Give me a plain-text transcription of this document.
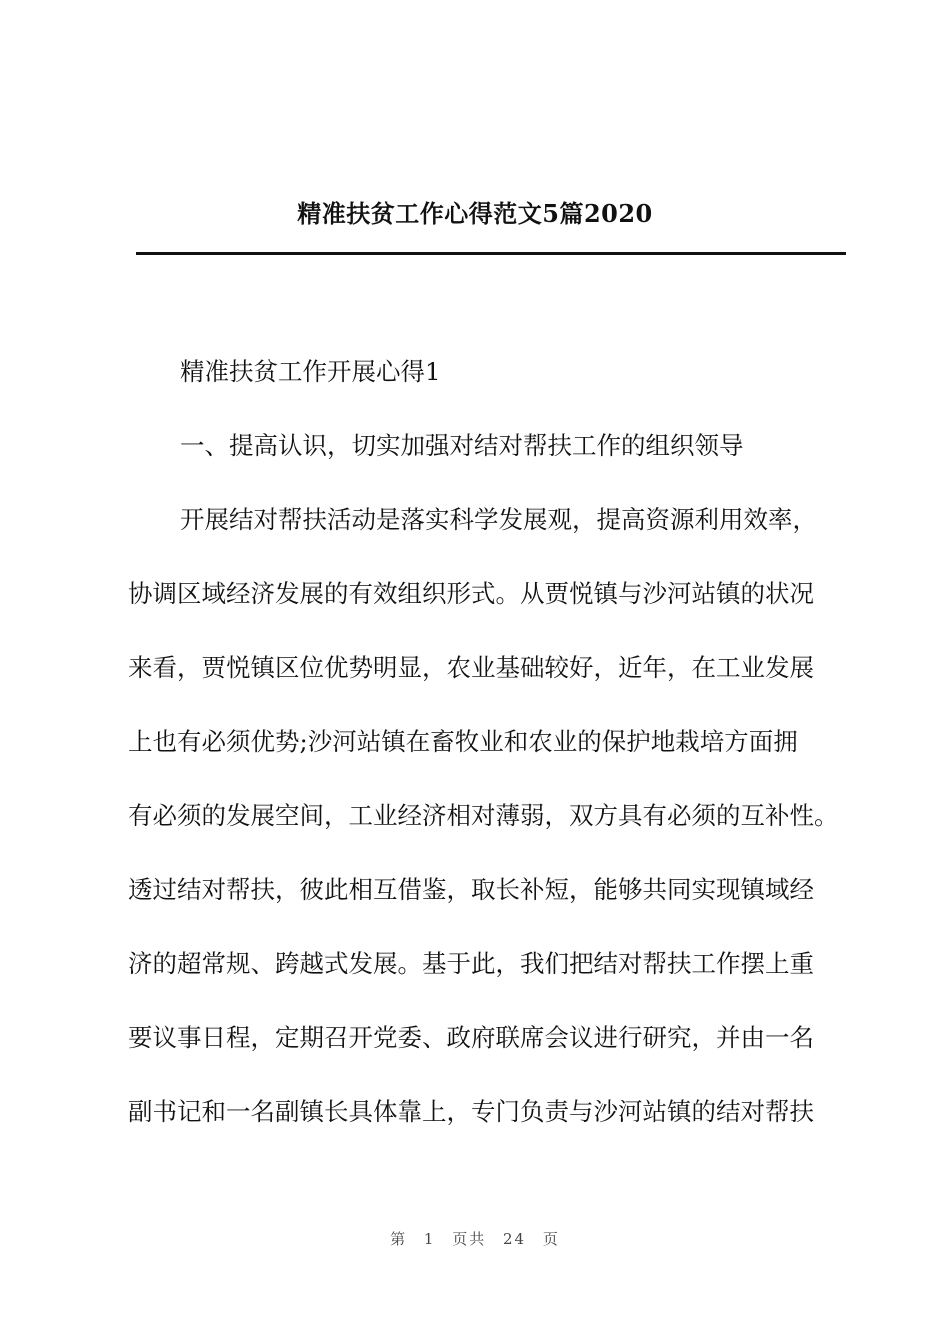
精准扶贫工作心得范文5篇2020

精准扶贫工作开展心得1

一、提高认识，切实加强对结对帮扶工作的组织领导

开展结对帮扶活动是落实科学发展观，提高资源利用效率，

协调区域经济发展的有效组织形式。从贾悦镇与沙河站镇的状况

来看，贾悦镇区位优势明显，农业基础较好，近年，在工业发展

上也有必须优势;沙河站镇在畜牧业和农业的保护地栽培方面拥

有必须的发展空间，工业经济相对薄弱，双方具有必须的互补性。

透过结对帮扶，彼此相互借鉴，取长补短，能够共同实现镇域经

济的超常规、跨越式发展。基于此，我们把结对帮扶工作摆上重

要议事日程，定期召开党委、政府联席会议进行研究，并由一名

副书记和一名副镇长具体靠上，专门负责与沙河站镇的结对帮扶

第 1 页共 24 页
